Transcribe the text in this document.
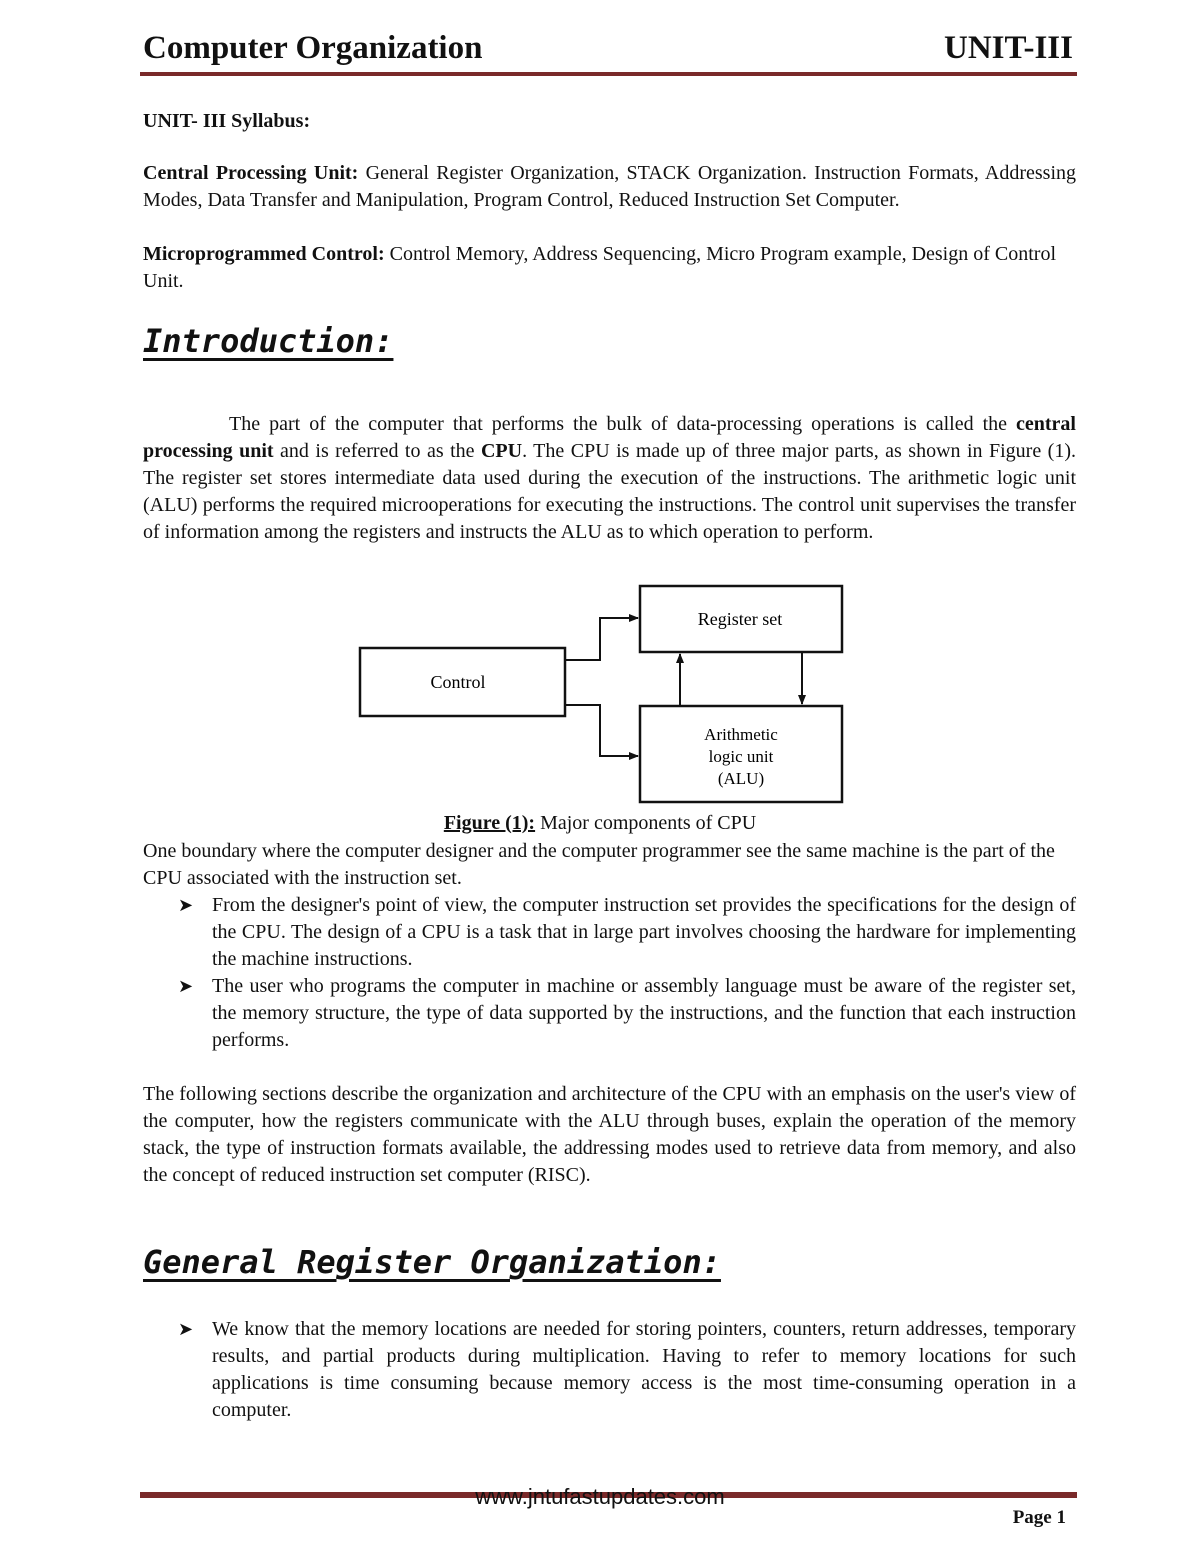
Computer Organization	UNIT-III
UNIT- III Syllabus:

Central Processing Unit: General Register Organization, STACK Organization. Instruction Formats, Addressing Modes, Data Transfer and Manipulation, Program Control, Reduced Instruction Set Computer.

Microprogrammed Control: Control Memory, Address Sequencing, Micro Program example, Design of Control Unit.

Introduction:

The part of the computer that performs the bulk of data-processing operations is called the central processing unit and is referred to as the CPU. The CPU is made up of three major parts, as shown in Figure (1). The register set stores intermediate data used during the execution of the instructions. The arithmetic logic unit (ALU) performs the required microoperations for executing the instructions. The control unit supervises the transfer of information among the registers and instructs the ALU as to which operation to perform.

Control
Register set
Arithmetic
logic unit
(ALU)
Figure (1): Major components of CPU

One boundary where the computer designer and the computer programmer see the same machine is the part of the CPU associated with the instruction set.

➤ From the designer's point of view, the computer instruction set provides the specifications for the design of the CPU. The design of a CPU is a task that in large part involves choosing the hardware for implementing the machine instructions.
➤ The user who programs the computer in machine or assembly language must be aware of the register set, the memory structure, the type of data supported by the instructions, and the function that each instruction performs.

The following sections describe the organization and architecture of the CPU with an emphasis on the user's view of the computer, how the registers communicate with the ALU through buses, explain the operation of the memory stack, the type of instruction formats available, the addressing modes used to retrieve data from memory, and also the concept of reduced instruction set computer (RISC).

General Register Organization:
➤ We know that the memory locations are needed for storing pointers, counters, return addresses, temporary results, and partial products during multiplication. Having to refer to memory locations for such applications is time consuming because memory access is the most time-consuming operation in a computer.
www.jntufastupdates.com
Page 1
